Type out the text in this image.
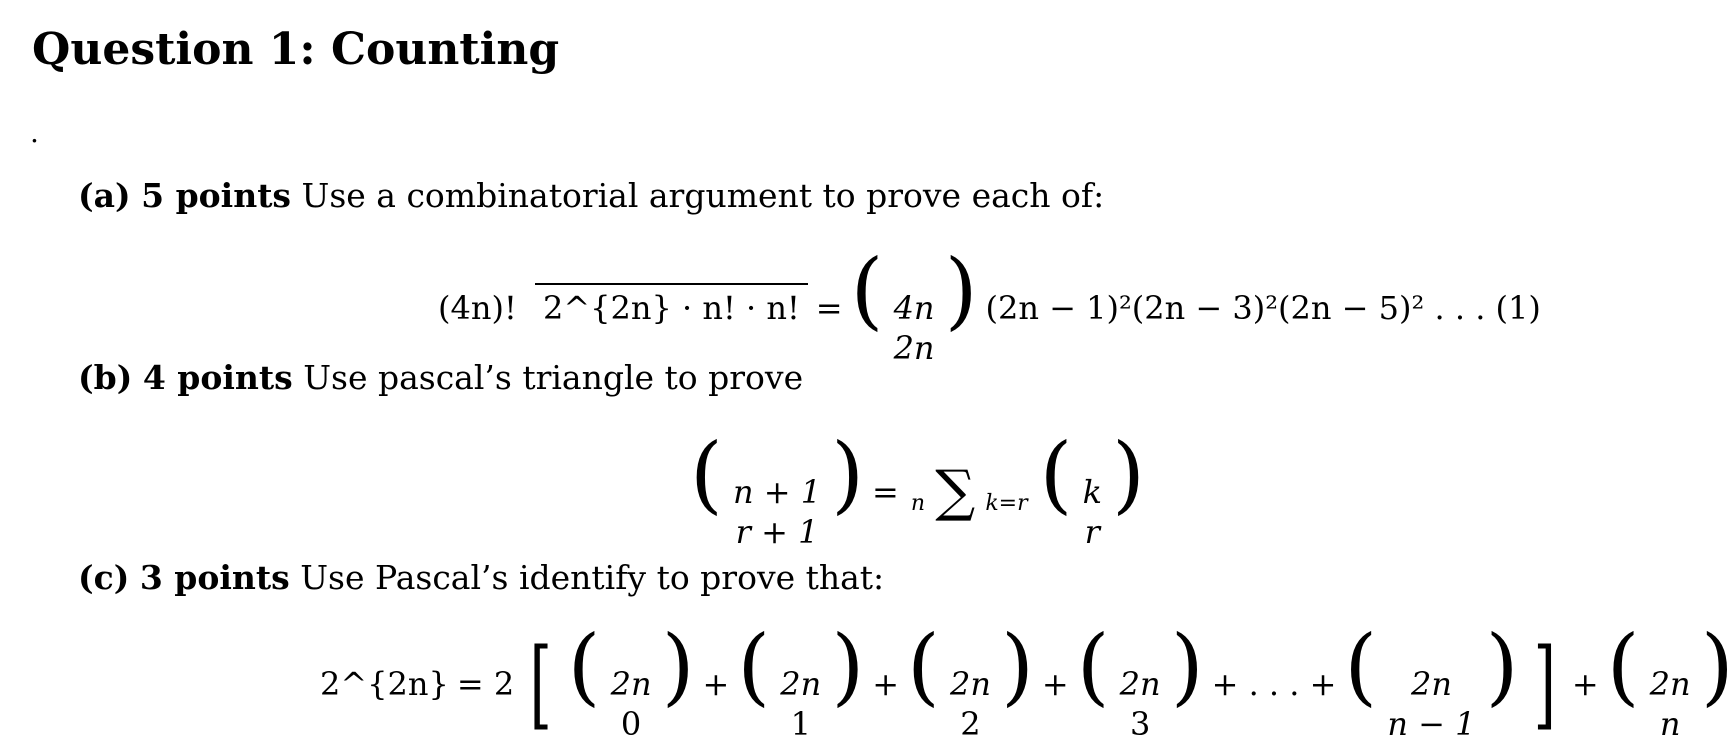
Question 1: Counting
.
(a) 5 points Use a combinatorial argument to prove each of:
(4n)! 2^{2n} · n! · n! = ( 4n
2n
) (2n − 1)²(2n − 3)²(2n − 5)² . . . (1)
(b) 4 points Use pascal’s triangle to prove
( n + 1
r + 1
) = n ∑ k=r ( k
r
)
(c) 3 points Use Pascal’s identify to prove that:
2^{2n} = 2 [ ( 2n
0
) + ( 2n
1
) + ( 2n
2
) + ( 2n
3
) + . . . + ( 2n
n − 1
) ] + ( 2n
n
)
